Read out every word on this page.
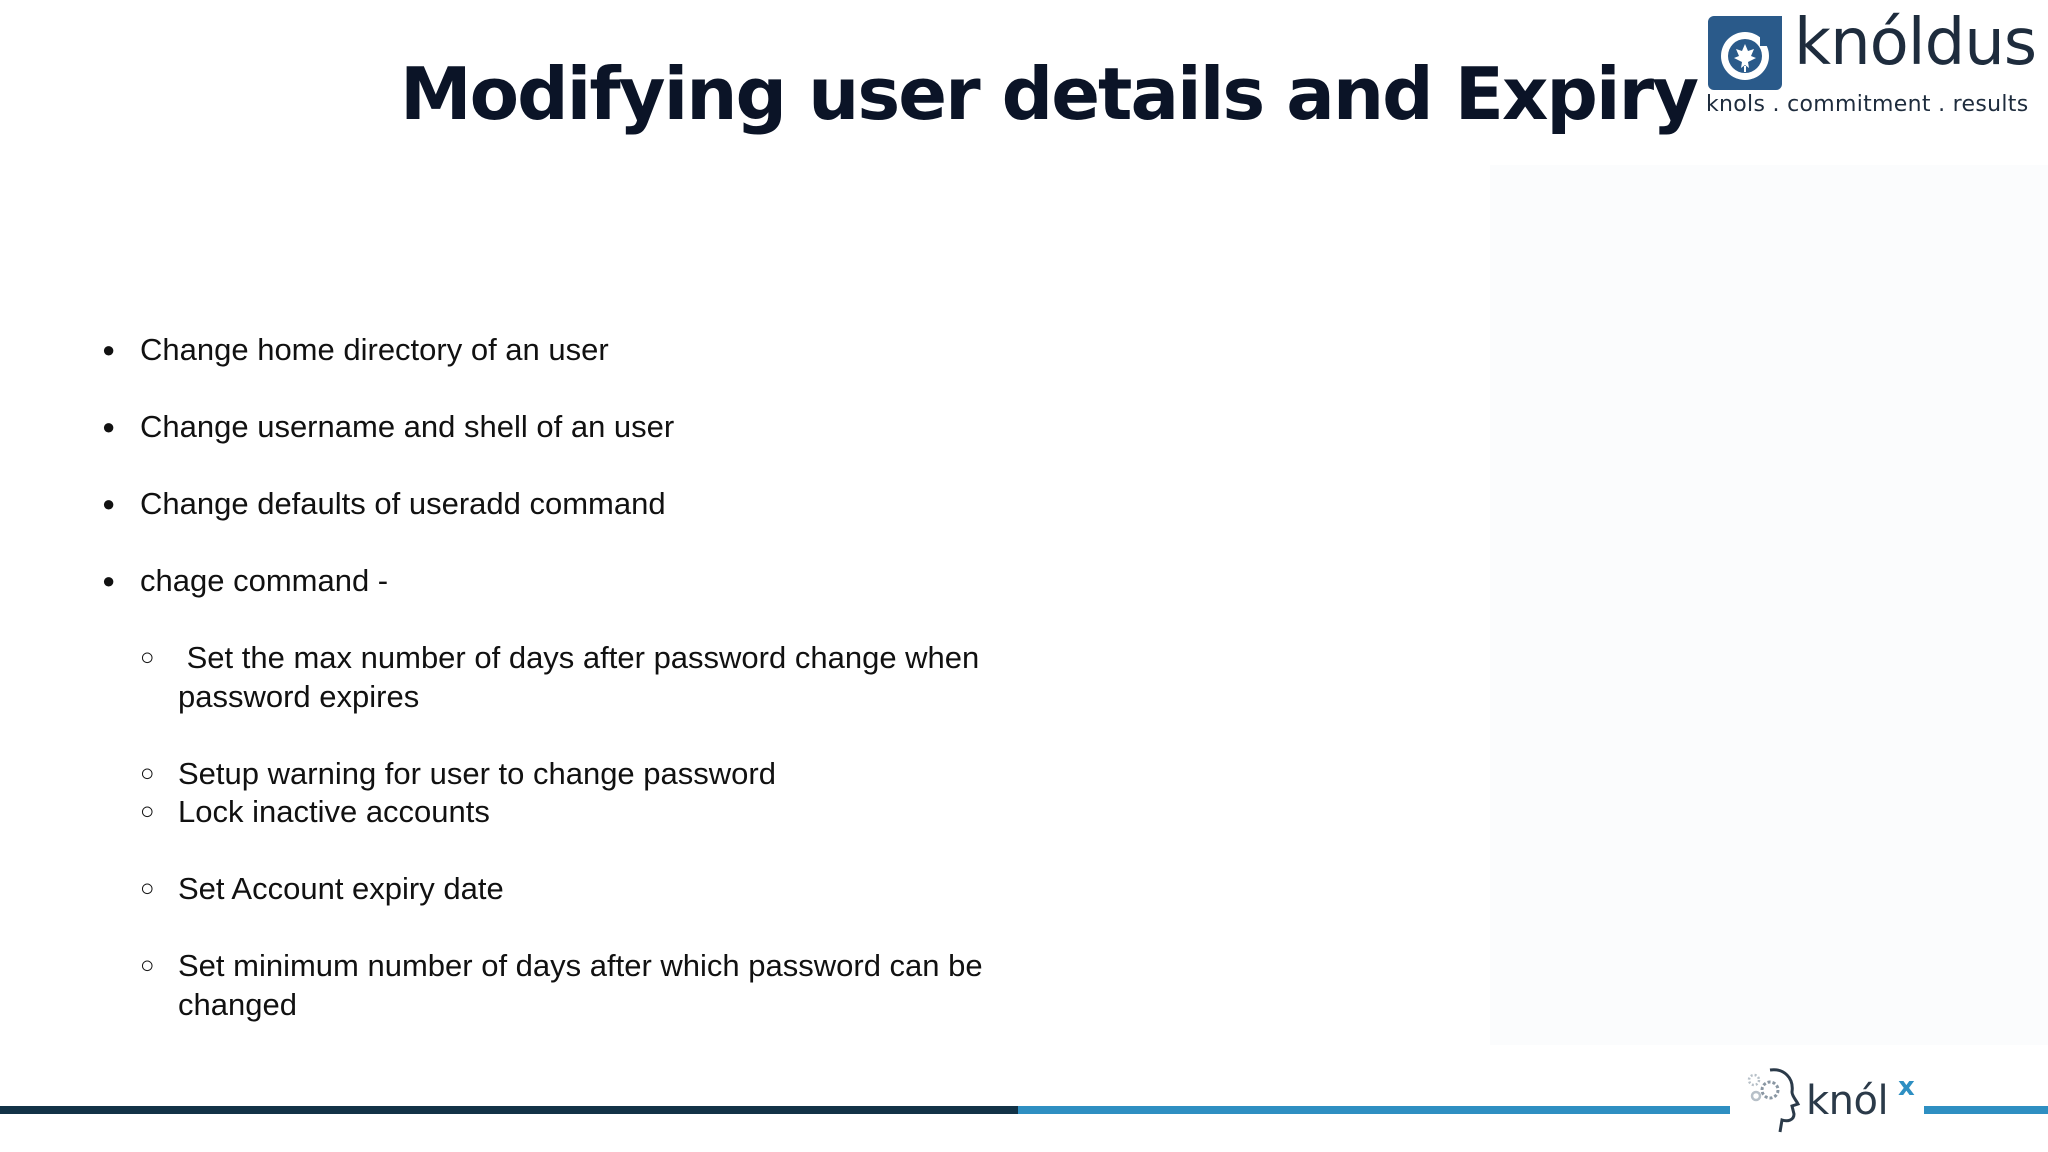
Modifying user details and Expiry
knóldus
knols . commitment . results
● Change home directory of an user
● Change username and shell of an user
● Change defaults of useradd command
● chage command -
○ Set the max number of days after password change when
password expires
○ Setup warning for user to change password
○ Lock inactive accounts
○ Set Account expiry date
○ Set minimum number of days after which password can be
changed
knól x
